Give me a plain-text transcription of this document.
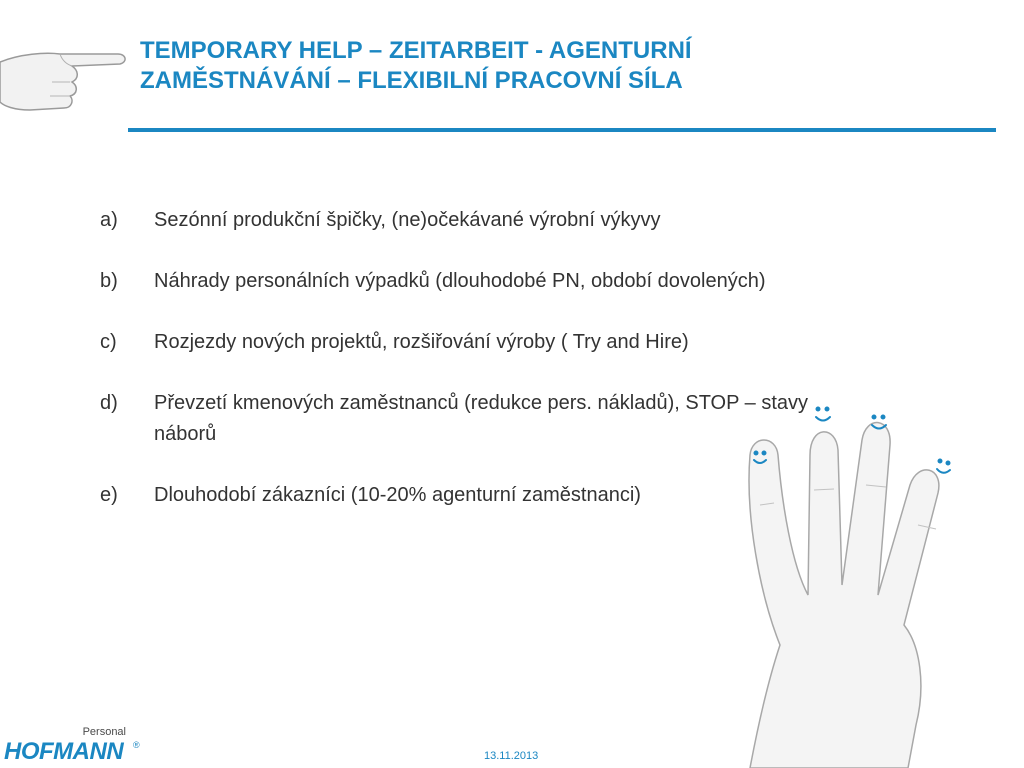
TEMPORARY HELP – ZEITARBEIT - AGENTURNÍ
ZAMĚSTNÁVÁNÍ – FLEXIBILNÍ PRACOVNÍ SÍLA
a)	Sezónní produkční špičky, (ne)očekávané výrobní výkyvy
b)	Náhrady personálních výpadků (dlouhodobé PN, období dovolených)
c)	Rozjezdy nových projektů, rozšiřování výroby ( Try and Hire)
d)	Převzetí kmenových zaměstnanců (redukce pers. nákladů), STOP – stavy náborů
e)	Dlouhodobí zákazníci (10-20% agenturní zaměstnanci)
Personal
HOFMANN ®
13.11.2013
